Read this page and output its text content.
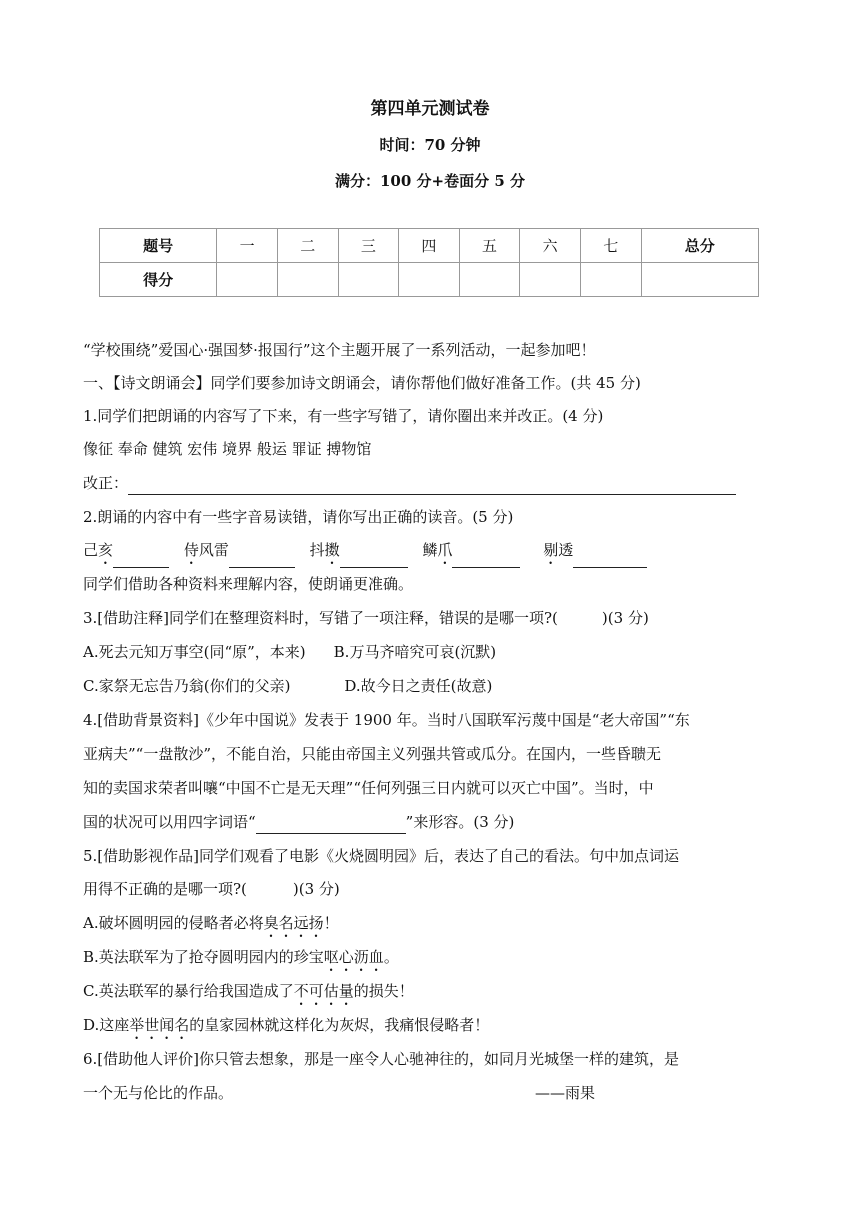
第四单元测试卷
时间：70 分钟
满分：100 分+卷面分 5 分
题号	一	二	三	四	五	六	七	总分
得分								
“学校围绕”爱国心·强国梦·报国行”这个主题开展了一系列活动，一起参加吧！
一、【诗文朗诵会】同学们要参加诗文朗诵会，请你帮他们做好准备工作。(共 45 分)
1.同学们把朗诵的内容写了下来，有一些字写错了，请你圈出来并改正。(4 分)
像征 奉命 健筑 宏伟 境界 般运 罪证 搏物馆
改正：
2.朗诵的内容中有一些字音易读错，请你写出正确的读音。(5 分)
己亥	侍风雷	抖擞	鳞爪	剔透
同学们借助各种资料来理解内容，使朗诵更准确。
3.[借助注释]同学们在整理资料时，写错了一项注释，错误的是哪一项?(	)(3 分)
A.死去元知万事空(同“原”，本来) B.万马齐喑究可哀(沉默)
C.家祭无忘告乃翁(你们的父亲)	D.故今日之责任(故意)
4.[借助背景资料]《少年中国说》发表于 1900 年。当时八国联军污蔑中国是“老大帝国”“东
亚病夫”“一盘散沙”，不能自治，只能由帝国主义列强共管或瓜分。在国内，一些昏聩无
知的卖国求荣者叫嚷“中国不亡是无天理”“任何列强三日内就可以灭亡中国”。当时，中
国的状况可以用四字词语“	”来形容。(3 分)
5.[借助影视作品]同学们观看了电影《火烧圆明园》后，表达了自己的看法。句中加点词运
用得不正确的是哪一项?(	)(3 分)
A.破坏圆明园的侵略者必将臭名远扬！
B.英法联军为了抢夺圆明园内的珍宝呕心沥血。
C.英法联军的暴行给我国造成了不可估量的损失！
D.这座举世闻名的皇家园林就这样化为灰烬，我痛恨侵略者！
6.[借助他人评价]你只管去想象，那是一座令人心驰神往的，如同月光城堡一样的建筑，是
一个无与伦比的作品。	——雨果
